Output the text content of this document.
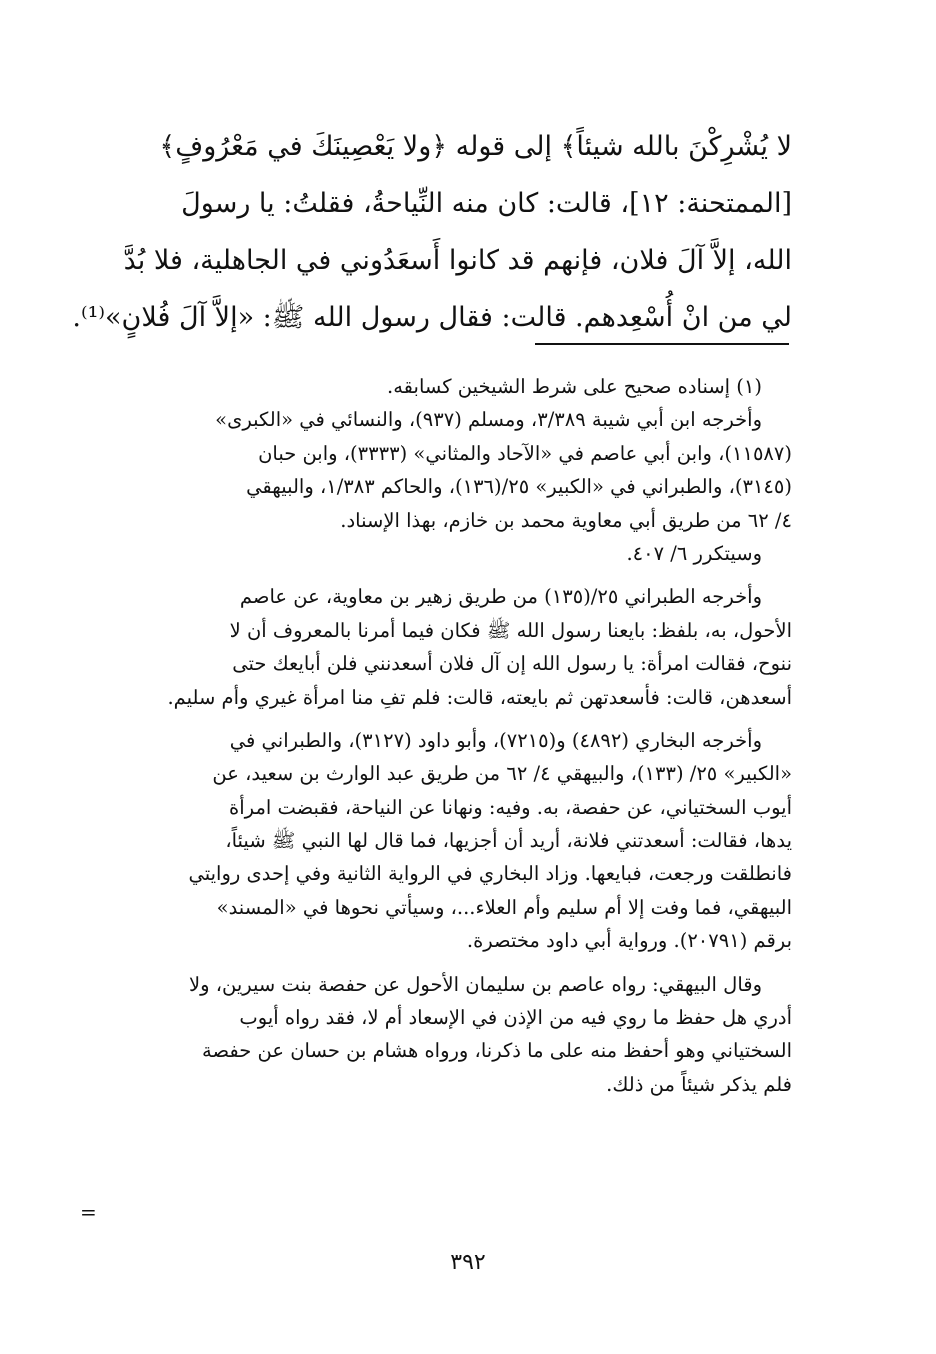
لا يُشْرِكْنَ بالله شيئاً﴾ إلى قوله ﴿ولا يَعْصِينَكَ في مَعْرُوفٍ﴾
[الممتحنة: ١٢]، قالت: كان منه النِّياحةُ، فقلتُ: يا رسولَ
الله، إلاَّ آلَ فلان، فإنهم قد كانوا أَسعَدُوني في الجاهلية، فلا بُدَّ
لي من انْ أُسْعِدهم. قالت: فقال رسول الله ﷺ: «إلاَّ آلَ فُلانٍ»⁽¹⁾.
(١) إسناده صحيح على شرط الشيخين كسابقه.
وأخرجه ابن أبي شيبة ٣/٣٨٩، ومسلم (٩٣٧)، والنسائي في «الكبرى»
(١١٥٨٧)، وابن أبي عاصم في «الآحاد والمثاني» (٣٣٣٣)، وابن حبان
(٣١٤٥)، والطبراني في «الكبير» ٢٥/(١٣٦)، والحاكم ١/٣٨٣، والبيهقي
٤/ ٦٢ من طريق أبي معاوية محمد بن خازم، بهذا الإسناد.
وسيتكرر ٦/ ٤٠٧.
وأخرجه الطبراني ٢٥/(١٣٥) من طريق زهير بن معاوية، عن عاصم
الأحول، به، بلفظ: بايعنا رسول الله ﷺ فكان فيما أمرنا بالمعروف أن لا
ننوح، فقالت امرأة: يا رسول الله إن آل فلان أسعدنني فلن أبايعك حتى
أسعدهن، قالت: فأسعدتهن ثم بايعته، قالت: فلم تفِ منا امرأة غيري وأم سليم.
وأخرجه البخاري (٤٨٩٢) و(٧٢١٥)، وأبو داود (٣١٢٧)، والطبراني في
«الكبير» ٢٥/ (١٣٣)، والبيهقي ٤/ ٦٢ من طريق عبد الوارث بن سعيد، عن
أيوب السختياني، عن حفصة، به. وفيه: ونهانا عن النياحة، فقبضت امرأة
يدها، فقالت: أسعدتني فلانة، أريد أن أجزيها، فما قال لها النبي ﷺ شيئاً،
فانطلقت ورجعت، فبايعها. وزاد البخاري في الرواية الثانية وفي إحدى روايتي
البيهقي، فما وفت إلا أم سليم وأم العلاء...، وسيأتي نحوها في «المسند»
برقم (٢٠٧٩١). ورواية أبي داود مختصرة.
وقال البيهقي: رواه عاصم بن سليمان الأحول عن حفصة بنت سيرين، ولا
أدري هل حفظ ما روي فيه من الإذن في الإسعاد أم لا، فقد رواه أيوب
السختياني وهو أحفظ منه على ما ذكرنا، ورواه هشام بن حسان عن حفصة
فلم يذكر شيئاً من ذلك.
=
٣٩٢
